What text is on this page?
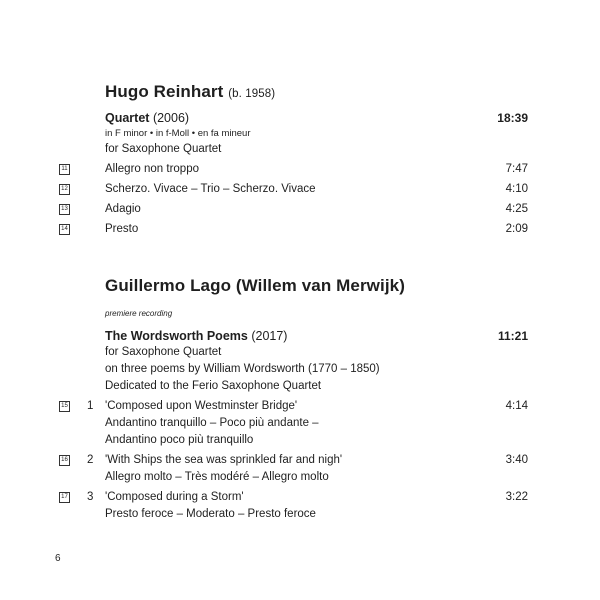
Hugo Reinhart (b. 1958)
Quartet (2006)	18:39
in F minor • in f-Moll • en fa mineur
for Saxophone Quartet
11	Allegro non troppo	7:47
12	Scherzo. Vivace – Trio – Scherzo. Vivace	4:10
13	Adagio	4:25
14	Presto	2:09
Guillermo Lago (Willem van Merwijk)
premiere recording
The Wordsworth Poems (2017)	11:21
for Saxophone Quartet
on three poems by William Wordsworth (1770 – 1850)
Dedicated to the Ferio Saxophone Quartet
15 1 'Composed upon Westminster Bridge'	4:14
Andantino tranquillo – Poco più andante –
Andantino poco più tranquillo
16 2 'With Ships the sea was sprinkled far and nigh'	3:40
Allegro molto – Très modéré – Allegro molto
17 3 'Composed during a Storm'	3:22
Presto feroce – Moderato – Presto feroce
6
